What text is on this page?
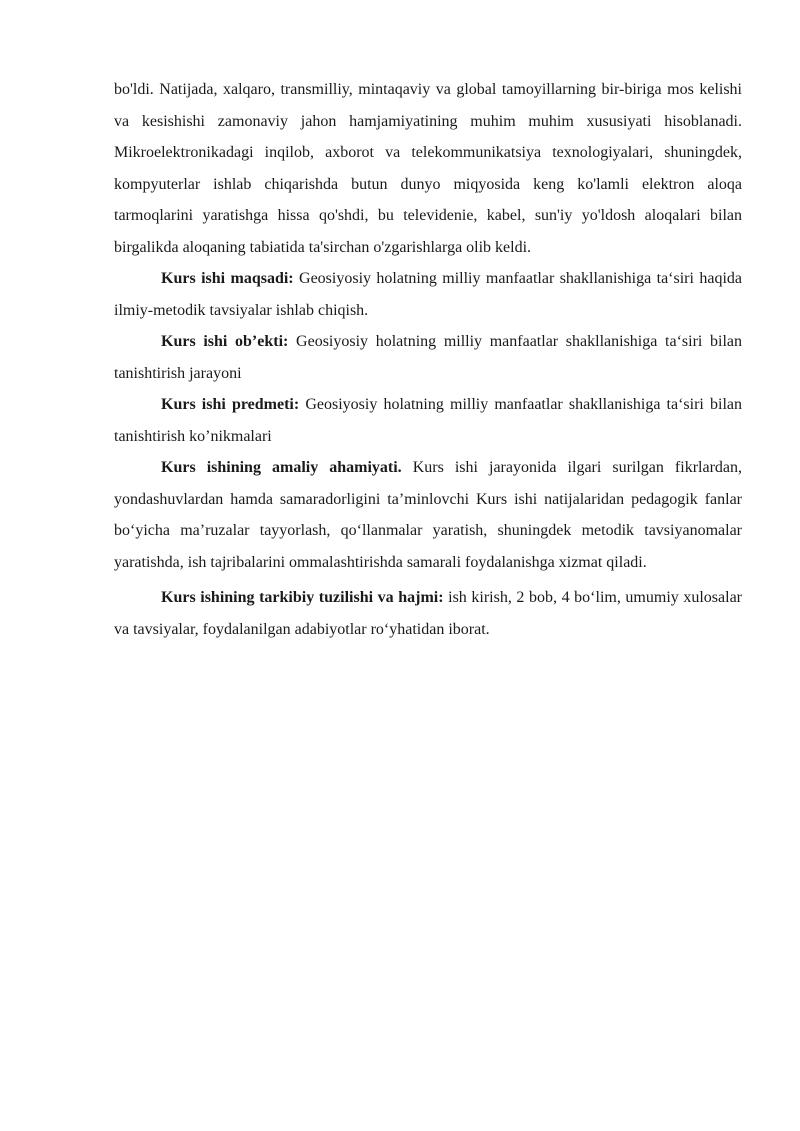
bo'ldi. Natijada, xalqaro, transmilliy, mintaqaviy va global tamoyillarning bir-biriga mos kelishi va kesishishi zamonaviy jahon hamjamiyatining muhim muhim xususiyati hisoblanadi. Mikroelektronikadagi inqilob, axborot va telekommunikatsiya texnologiyalari, shuningdek, kompyuterlar ishlab chiqarishda butun dunyo miqyosida keng ko'lamli elektron aloqa tarmoqlarini yaratishga hissa qo'shdi, bu televidenie, kabel, sun'iy yo'ldosh aloqalari bilan birgalikda aloqaning tabiatida ta'sirchan o'zgarishlarga olib keldi.

Kurs ishi maqsadi: Geosiyosiy holatning milliy manfaatlar shakllanishiga ta‘siri haqida ilmiy-metodik tavsiyalar ishlab chiqish.

Kurs ishi ob’ekti: Geosiyosiy holatning milliy manfaatlar shakllanishiga ta‘siri bilan tanishtirish jarayoni

Kurs ishi predmeti: Geosiyosiy holatning milliy manfaatlar shakllanishiga ta‘siri bilan tanishtirish ko’nikmalari

Kurs ishining amaliy ahamiyati. Kurs ishi jarayonida ilgari surilgan fikrlardan, yondashuvlardan hamda samaradorligini ta’minlovchi Kurs ishi natijalaridan pedagogik fanlar bo‘yicha ma’ruzalar tayyorlash, qo‘llanmalar yaratish, shuningdek metodik tavsiyanomalar yaratishda, ish tajribalarini ommalashtirishda samarali foydalanishga xizmat qiladi.

Kurs ishining tarkibiy tuzilishi va hajmi: ish kirish, 2 bob, 4 bo‘lim, umumiy xulosalar va tavsiyalar, foydalanilgan adabiyotlar ro‘yhatidan iborat.
